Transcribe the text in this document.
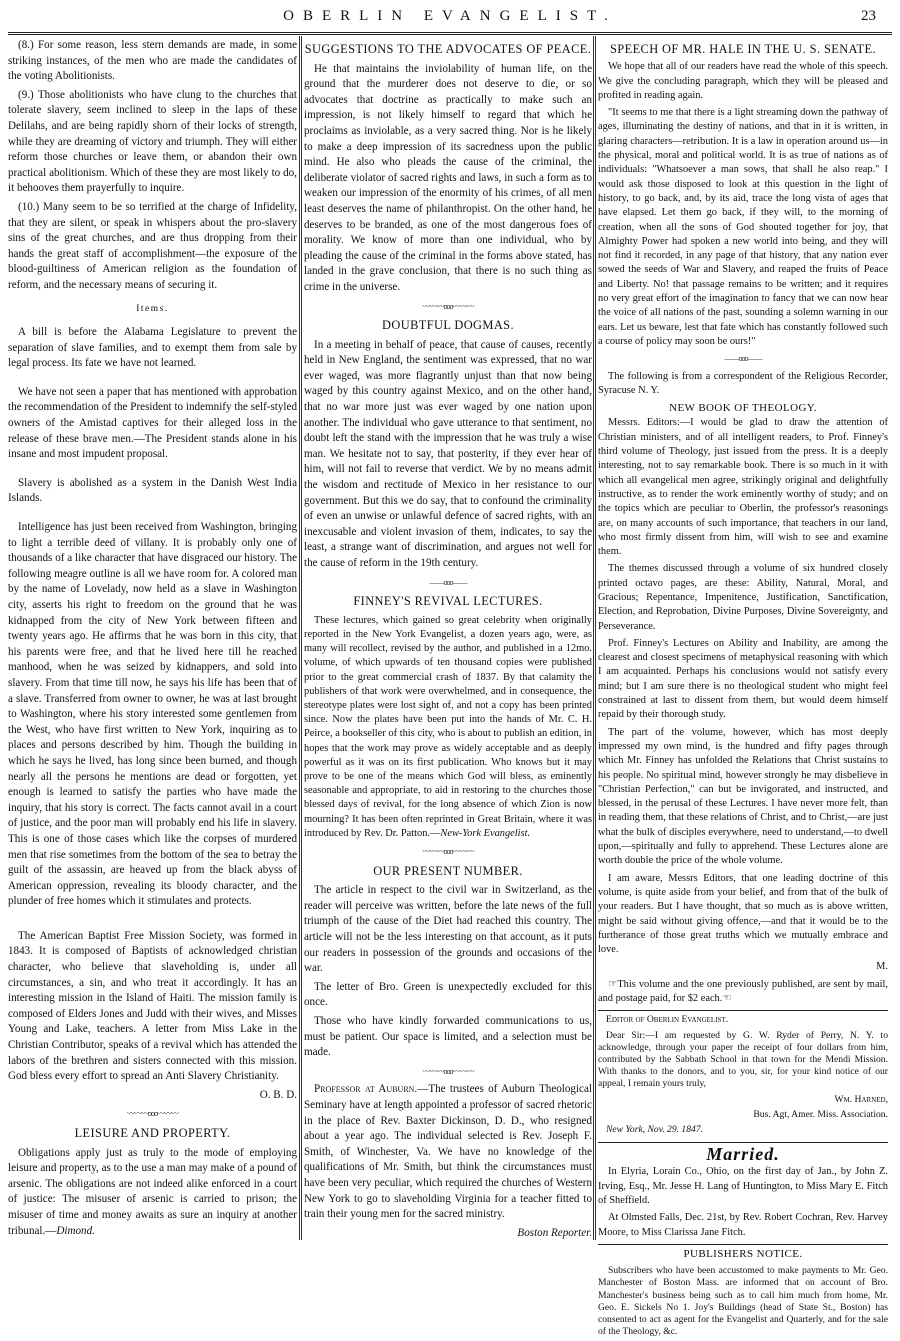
OBERLIN EVANGELIST.	23

(8.) For some reason, less stern demands are made, in some striking instances, of the men who are made the candidates of the voting Abolitionists.

(9.) Those abolitionists who have clung to the churches that tolerate slavery, seem inclined to sleep in the laps of these Delilahs, and are being rapidly shorn of their locks of strength, while they are dreaming of victory and triumph. They will either reform those churches or leave them, or abandon their own practical abolitionism. Which of these they are most likely to do, it behooves them prayerfully to inquire.

(10.) Many seem to be so terrified at the charge of Infidelity, that they are silent, or speak in whispers about the pro-slavery sins of the great churches, and are thus dropping from their hands the great staff of accomplishment—the exposure of the blood-guiltiness of American religion as the foundation of reform, and the necessary means of securing it.

Items.

A bill is before the Alabama Legislature to prevent the separation of slave families, and to exempt them from sale by legal process. Its fate we have not learned.

We have not seen a paper that has mentioned with approbation the recommendation of the President to indemnify the self-styled owners of the Amistad captives for their alleged loss in the release of these brave men.—The President stands alone in his insane and most impudent proposal.

Slavery is abolished as a system in the Danish West India Islands.

Intelligence has just been received from Washington, bringing to light a terrible deed of villany. It is probably only one of thousands of a like character that have disgraced our history. The following meagre outline is all we have room for. A colored man by the name of Lovelady, now held as a slave in Washington city, asserts his right to freedom on the ground that he was kidnapped from the city of New York between fifteen and twenty years ago. He affirms that he was born in this city, that his parents were free, and that he lived here till he reached manhood, when he was seized by kidnappers, and sold into slavery. From that time till now, he says his life has been that of a slave. Transferred from owner to owner, he was at last brought to Washington, where his story interested some gentlemen from the West, who have first written to New York, inquiring as to places and persons described by him. Though the building in which he says he lived, has long since been burned, and though nearly all the persons he mentions are dead or forgotten, yet enough is learned to satisfy the parties who have made the inquiry, that his story is correct. The facts cannot avail in a court of justice, and the poor man will probably end his life in slavery. This is one of those cases which like the corpses of murdered men that rise sometimes from the bottom of the sea to betray the guilt of the assassin, are heaved up from the black abyss of American oppression, revealing its bloody character, and the plunder of free homes which it stimulates and protects.

The American Baptist Free Mission Society, was formed in 1843. It is composed of Baptists of acknowledged christian character, who believe that slaveholding is, under all circumstances, a sin, and who treat it accordingly. It has an interesting mission in the Island of Haiti. The mission family is composed of Elders Jones and Judd with their wives, and Misses Young and Lake, teachers. A letter from Miss Lake in the Christian Contributor, speaks of a revival which has attended the labors of the brethren and sisters connected with this mission. God bless every effort to spread an Anti Slavery Christianity.

O. B. D.

〰〰〰ooo〰〰〰
LEISURE AND PROPERTY.

Obligations apply just as truly to the mode of employing leisure and property, as to the use a man may make of a pound of arsenic. The obligations are not indeed alike enforced in a court of justice: The misuser of arsenic is carried to prison; the misuser of time and money awaits as sure an inquiry at another tribunal.—Dimond.

SUGGESTIONS TO THE ADVOCATES OF PEACE.

He that maintains the inviolability of human life, on the ground that the murderer does not deserve to die, or so advocates that doctrine as practically to make such an impression, is not likely himself to regard that which he proclaims as inviolable, as a very sacred thing. Nor is he likely to make a deep impression of its sacredness upon the public mind. He also who pleads the cause of the criminal, the deliberate violator of sacred rights and laws, in such a form as to weaken our impression of the enormity of his crimes, of all men least deserves the name of philanthropist. On the other hand, he deserves to be branded, as one of the most dangerous foes of morality. We know of more than one individual, who by pleading the cause of the criminal in the forms above stated, has landed in the grave conclusion, that there is no such thing as crime in the universe.

〰〰〰ooo〰〰〰
DOUBTFUL DOGMAS.

In a meeting in behalf of peace, that cause of causes, recently held in New England, the sentiment was expressed, that no war ever waged, was more flagrantly unjust than that now being waged by this country against Mexico, and on the other hand, that no war more just was ever waged by one nation upon another. The individual who gave utterance to that sentiment, no doubt left the stand with the impression that he was truly a wise man. We hesitate not to say, that posterity, if they ever hear of him, will not fail to reverse that verdict. We by no means admit the wisdom and rectitude of Mexico in her resistance to our government. But this we do say, that to confound the criminality of even an unwise or unlawful defence of sacred rights, with an inexcusable and violent invasion of them, indicates, to say the least, a strange want of discrimination, and argues not well for the cause of reform in the 19th century.

——ooo——
FINNEY'S REVIVAL LECTURES.

These lectures, which gained so great celebrity when originally reported in the New York Evangelist, a dozen years ago, were, as many will recollect, revised by the author, and published in a 12mo. volume, of which upwards of ten thousand copies were published prior to the great commercial crash of 1837. By that calamity the publishers of that work were overwhelmed, and in consequence, the stereotype plates were lost sight of, and not a copy has been printed since. Now the plates have been put into the hands of Mr. C. H. Peirce, a bookseller of this city, who is about to publish an edition, in hopes that the work may prove as widely acceptable and as deeply powerful as it was on its first publication. Who knows but it may prove to be one of the means which God will bless, as eminently seasonable and appropriate, to aid in restoring to the churches those blessed days of revival, for the long absence of which Zion is now mourning? It has been often reprinted in Great Britain, where it was introduced by Rev. Dr. Patton.—New-York Evangelist.

〰〰〰ooo〰〰〰
OUR PRESENT NUMBER.

The article in respect to the civil war in Switzerland, as the reader will perceive was written, before the late news of the full triumph of the cause of the Diet had reached this country. The article will not be the less interesting on that account, as it puts our readers in possession of the grounds and occasions of the war.

The letter of Bro. Green is unexpectedly excluded for this once.

Those who have kindly forwarded communications to us, must be patient. Our space is limited, and a selection must be made.

〰〰〰ooo〰〰〰

Professor at Auburn.—The trustees of Auburn Theological Seminary have at length appointed a professor of sacred rhetoric in the place of Rev. Baxter Dickinson, D. D., who resigned about a year ago. The individual selected is Rev. Joseph F. Smith, of Winchester, Va. We have no knowledge of the qualifications of Mr. Smith, but think the circumstances must have been very peculiar, which required the churches of Western New York to go to slaveholding Virginia for a teacher fitted to train their young men for the sacred ministry.

Boston Reporter.

SPEECH OF MR. HALE IN THE U. S. SENATE.

We hope that all of our readers have read the whole of this speech. We give the concluding paragraph, which they will be pleased and profited in reading again.

"It seems to me that there is a light streaming down the pathway of ages, illuminating the destiny of nations, and that in it is written, in glaring characters—retribution. It is a law in operation around us—in the physical, moral and political world. It is as true of nations as of individuals: "Whatsoever a man sows, that shall he also reap." I would ask those disposed to look at this question in the light of history, to go back, and, by its aid, trace the long vista of ages that have elapsed. Let them go back, if they will, to the morning of creation, when all the sons of God shouted together for joy, that Almighty Power had spoken a new world into being, and they will not find it recorded, in any page of that history, that any nation ever sowed the seeds of War and Slavery, and reaped the fruits of Peace and Liberty. No! that passage remains to be written; and it requires no very great effort of the imagination to fancy that we can now hear the voice of all nations of the past, sounding a solemn warning in our ears. Let us beware, lest that fate which has constantly followed such a course of policy may soon be ours!"

——ooo——

The following is from a correspondent of the Religious Recorder, Syracuse N. Y.

NEW BOOK OF THEOLOGY.

Messrs. Editors:—I would be glad to draw the attention of Christian ministers, and of all intelligent readers, to Prof. Finney's third volume of Theology, just issued from the press. It is a deeply interesting, not to say remarkable book. There is so much in it with which all evangelical men agree, strikingly original and delightfully instructive, as to render the work eminently worthy of study; and on the topics which are peculiar to Oberlin, the professor's reasonings are, on many accounts of such importance, that teachers in our land, who most firmly dissent from him, will wish to see and examine them.

The themes discussed through a volume of six hundred closely printed octavo pages, are these: Ability, Natural, Moral, and Gracious; Repentance, Impenitence, Justification, Sanctification, Election, and Reprobation, Divine Purposes, Divine Sovereignty, and Perseverance.

Prof. Finney's Lectures on Ability and Inability, are among the clearest and closest specimens of metaphysical reasoning with which I am acquainted. Perhaps his conclusions would not satisfy every mind; but I am sure there is no theological student who might feel constrained at last to dissent from them, but would deem himself repaid by their thorough study.

The part of the volume, however, which has most deeply impressed my own mind, is the hundred and fifty pages through which Mr. Finney has unfolded the Relations that Christ sustains to his people. No spiritual mind, however strongly he may disbelieve in "Christian Perfection," can but be invigorated, and instructed, and blessed, in the perusal of these Lectures. I have never more felt, than in reading them, that these relations of Christ, and to Christ,—are just what the bulk of disciples everywhere, need to understand,—to dwell upon,—spiritually and fully to apprehend. These Lectures alone are worth double the price of the whole volume.

I am aware, Messrs Editors, that one leading doctrine of this volume, is quite aside from your belief, and from that of the bulk of your readers. But I have thought, that so much as is above written, might be said without giving offence,—and that it would be to the furtherance of those great truths which we mutually embrace and love.

M.

☞This volume and the one previously published, are sent by mail, and postage paid, for $2 each.☜

Editor of Oberlin Evangelist.

Dear Sir:—I am requested by G. W. Ryder of Perry, N. Y. to acknowledge, through your paper the receipt of four dollars from him, contributed by the Sabbath School in that town for the Mendi Mission. With thanks to the donors, and to you, sir, for your kind notice of our appeal, I remain yours truly,

Wm. Harned,

Bus. Agt, Amer. Miss. Association.

New York, Nov. 29. 1847.

Married.

In Elyria, Lorain Co., Ohio, on the first day of Jan., by John Z. Irving, Esq., Mr. Jesse H. Lang of Huntington, to Miss Mary E. Fitch of Sheffield.

At Olmsted Falls, Dec. 21st, by Rev. Robert Cochran, Rev. Harvey Moore, to Miss Clarissa Jane Fitch.

PUBLISHERS NOTICE.

Subscribers who have been accustomed to make payments to Mr. Geo. Manchester of Boston Mass. are informed that on account of Bro. Manchester's business being such as to call him much from home, Mr. Geo. E. Sickels No 1. Joy's Buildings (head of State St., Boston) has consented to act as agent for the Evangelist and Quarterly, and for the sale of the Theology, &c.
